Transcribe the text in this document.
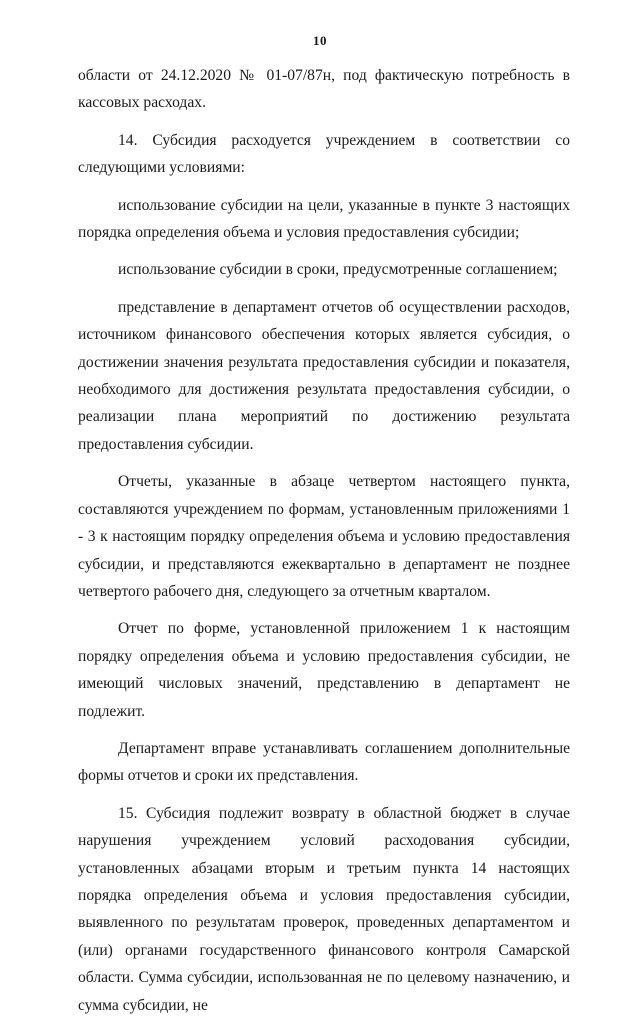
10

области от 24.12.2020 № 01-07/87н, под фактическую потребность в кассовых расходах.

14. Субсидия расходуется учреждением в соответствии со следующими условиями:

использование субсидии на цели, указанные в пункте 3 настоящих порядка определения объема и условия предоставления субсидии;

использование субсидии в сроки, предусмотренные соглашением;

представление в департамент отчетов об осуществлении расходов, источником финансового обеспечения которых является субсидия, о достижении значения результата предоставления субсидии и показателя, необходимого для достижения результата предоставления субсидии, о реализации плана мероприятий по достижению результата предоставления субсидии.

Отчеты, указанные в абзаце четвертом настоящего пункта, составляются учреждением по формам, установленным приложениями 1 - 3 к настоящим порядку определения объема и условию предоставления субсидии, и представляются ежеквартально в департамент не позднее четвертого рабочего дня, следующего за отчетным кварталом.

Отчет по форме, установленной приложением 1 к настоящим порядку определения объема и условию предоставления субсидии, не имеющий числовых значений, представлению в департамент не подлежит.

Департамент вправе устанавливать соглашением дополнительные формы отчетов и сроки их представления.

15. Субсидия подлежит возврату в областной бюджет в случае нарушения учреждением условий расходования субсидии, установленных абзацами вторым и третьим пункта 14 настоящих порядка определения объема и условия предоставления субсидии, выявленного по результатам проверок, проведенных департаментом и (или) органами государственного финансового контроля Самарской области. Сумма субсидии, использованная не по целевому назначению, и сумма субсидии, не
